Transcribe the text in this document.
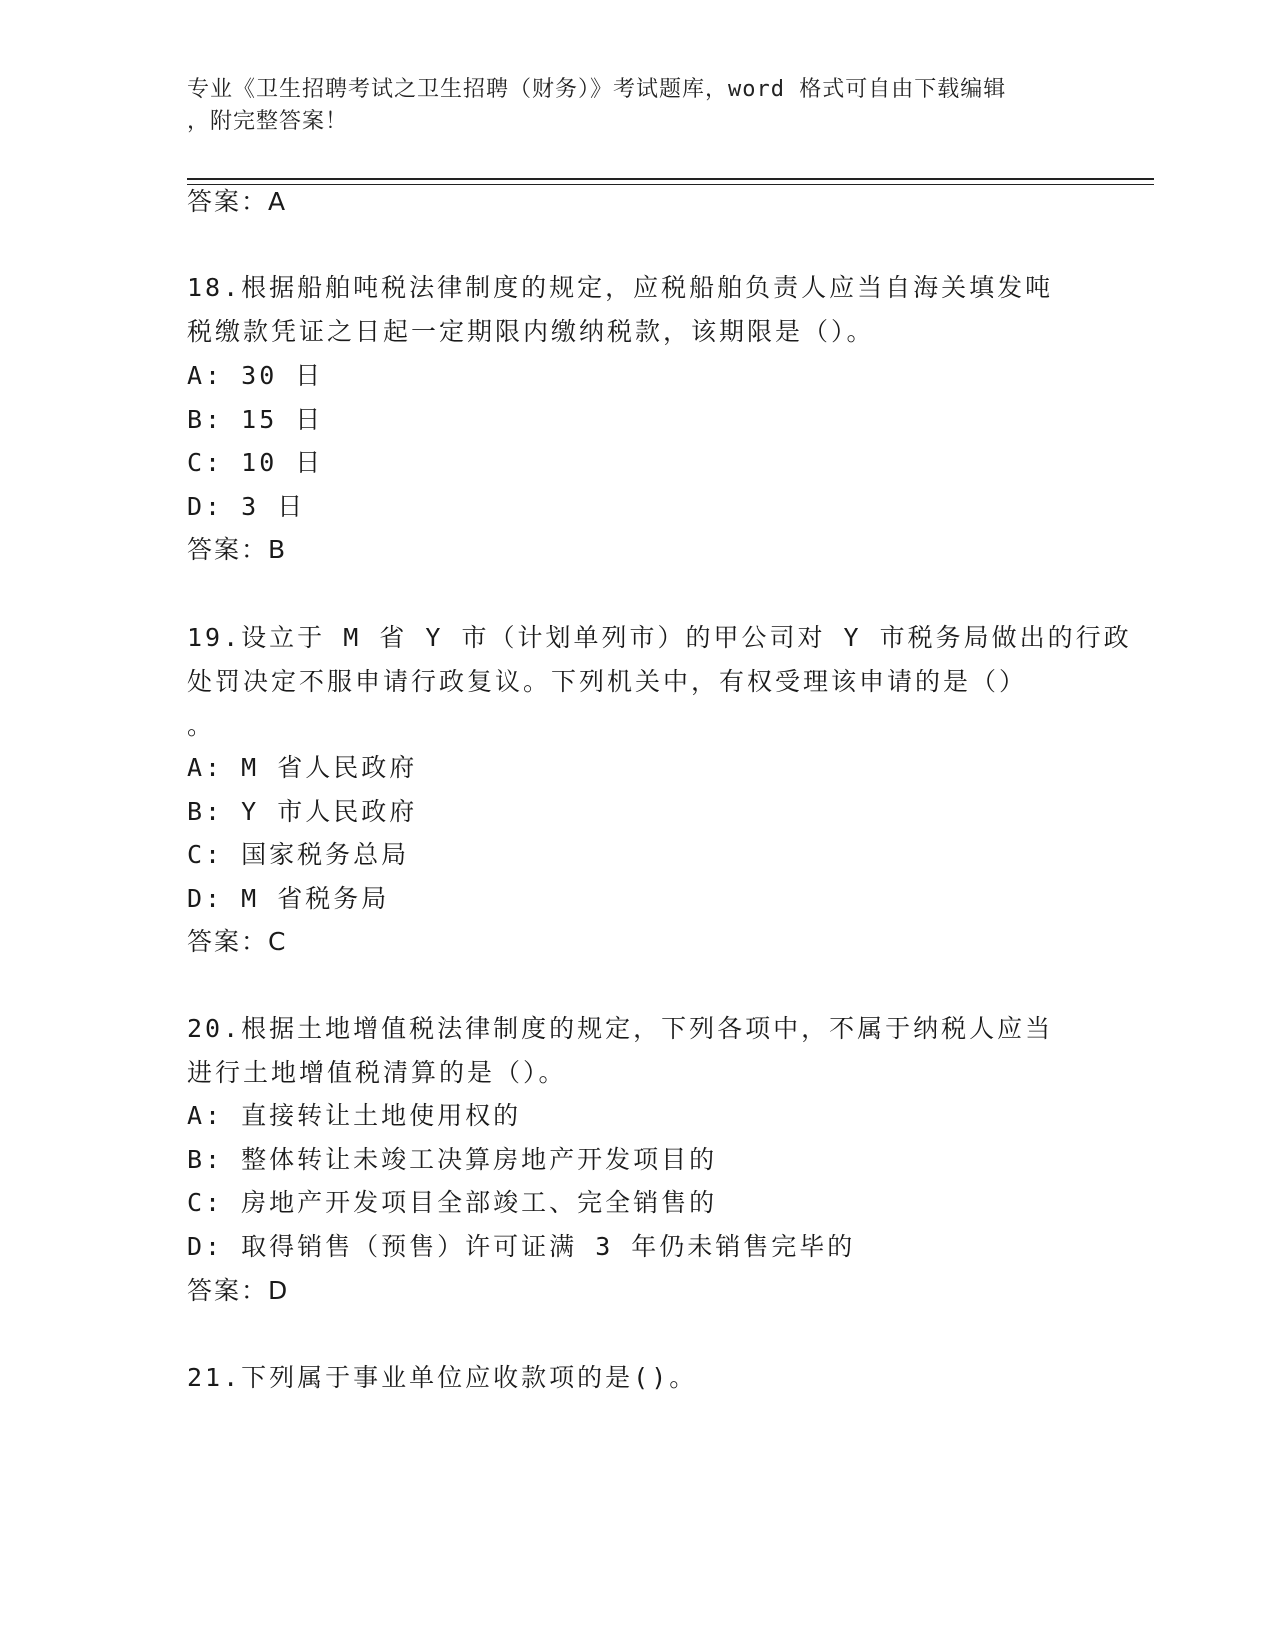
专业《卫生招聘考试之卫生招聘（财务）》考试题库，word 格式可自由下载编辑
，附完整答案！
答案：A
18.根据船舶吨税法律制度的规定，应税船舶负责人应当自海关填发吨
税缴款凭证之日起一定期限内缴纳税款，该期限是（）。
A: 30 日
B: 15 日
C: 10 日
D: 3 日
答案：B
19.设立于 M 省 Y 市（计划单列市）的甲公司对 Y 市税务局做出的行政
处罚决定不服申请行政复议。下列机关中，有权受理该申请的是（）
。
A: M 省人民政府
B: Y 市人民政府
C: 国家税务总局
D: M 省税务局
答案：C
20.根据土地增值税法律制度的规定，下列各项中，不属于纳税人应当
进行土地增值税清算的是（）。
A: 直接转让土地使用权的
B: 整体转让未竣工决算房地产开发项目的
C: 房地产开发项目全部竣工、完全销售的
D: 取得销售（预售）许可证满 3 年仍未销售完毕的
答案：D
21.下列属于事业单位应收款项的是()。
